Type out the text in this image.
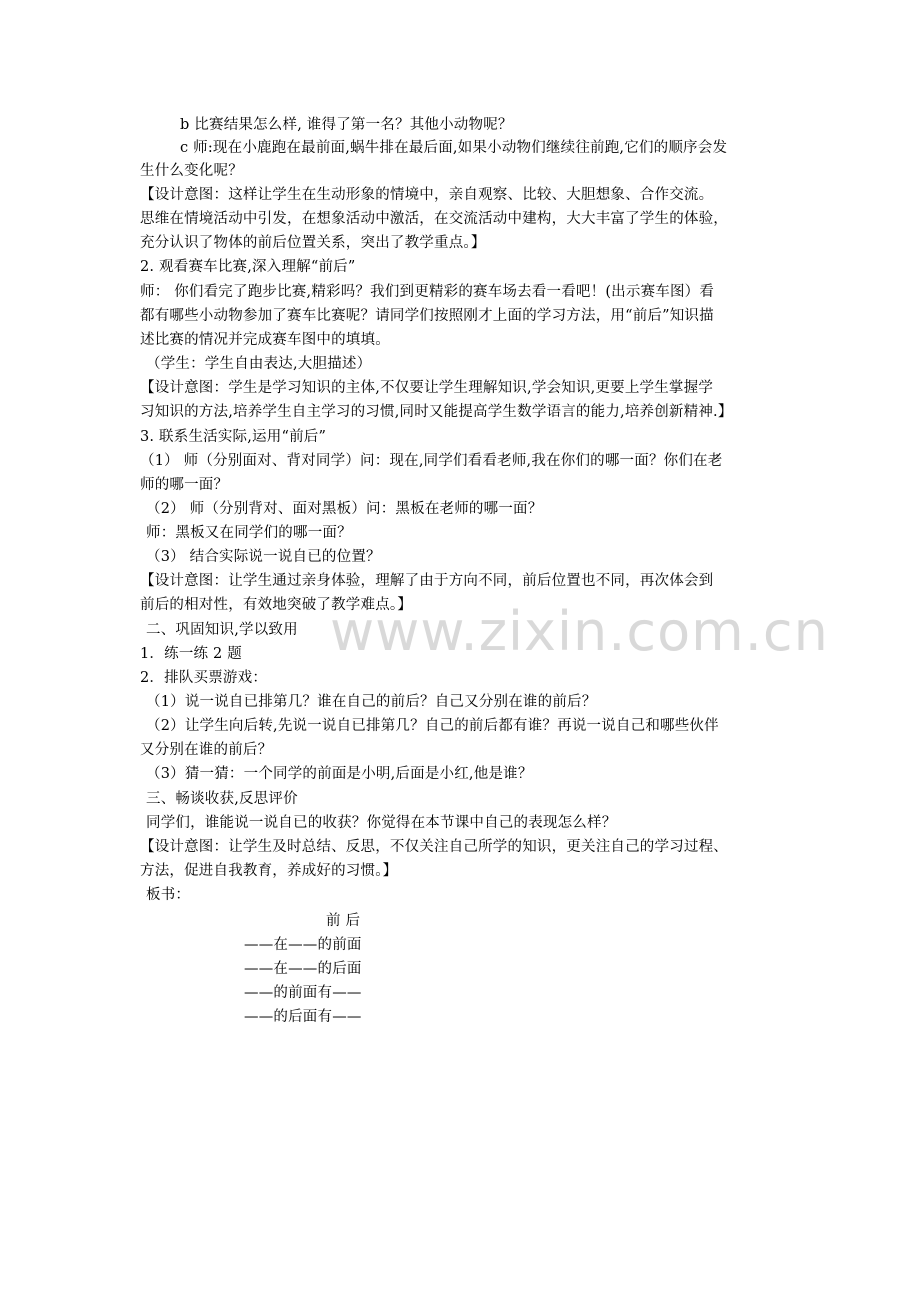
www.zixin.com.cn
b 比赛结果怎么样, 谁得了第一名？其他小动物呢？
c 师:现在小鹿跑在最前面,蜗牛排在最后面,如果小动物们继续往前跑,它们的顺序会发
生什么变化呢？
【设计意图：这样让学生在生动形象的情境中，亲自观察、比较、大胆想象、合作交流。
思维在情境活动中引发，在想象活动中激活，在交流活动中建构，大大丰富了学生的体验，
充分认识了物体的前后位置关系，突出了教学重点。】
2. 观看赛车比赛,深入理解“前后”
师： 你们看完了跑步比赛,精彩吗？我们到更精彩的赛车场去看一看吧！(出示赛车图）看
都有哪些小动物参加了赛车比赛呢？请同学们按照刚才上面的学习方法，用“前后”知识描
述比赛的情况并完成赛车图中的填填。
（学生：学生自由表达,大胆描述）
【设计意图：学生是学习知识的主体,不仅要让学生理解知识,学会知识,更要上学生掌握学
习知识的方法,培养学生自主学习的习惯,同时又能提高学生数学语言的能力,培养创新精神.】
3. 联系生活实际,运用“前后”
（1） 师（分别面对、背对同学）问：现在,同学们看看老师,我在你们的哪一面？你们在老
师的哪一面？
（2） 师（分别背对、面对黑板）问：黑板在老师的哪一面？
师：黑板又在同学们的哪一面？
（3） 结合实际说一说自已的位置？
【设计意图：让学生通过亲身体验，理解了由于方向不同，前后位置也不同，再次体会到
前后的相对性，有效地突破了教学难点。】
二、巩固知识,学以致用
1．练一练 2 题
2．排队买票游戏：
（1）说一说自已排第几？谁在自己的前后？自己又分别在谁的前后？
（2）让学生向后转,先说一说自已排第几？自己的前后都有谁？再说一说自己和哪些伙伴
又分别在谁的前后？
（3）猜一猜：一个同学的前面是小明,后面是小红,他是谁？
三、畅谈收获,反思评价
同学们，谁能说一说自已的收获？你觉得在本节课中自己的表现怎么样？
【设计意图：让学生及时总结、反思，不仅关注自己所学的知识，更关注自己的学习过程、
方法，促进自我教育，养成好的习惯。】
板书：
前 后
——在——的前面
——在——的后面
——的前面有——
——的后面有——
